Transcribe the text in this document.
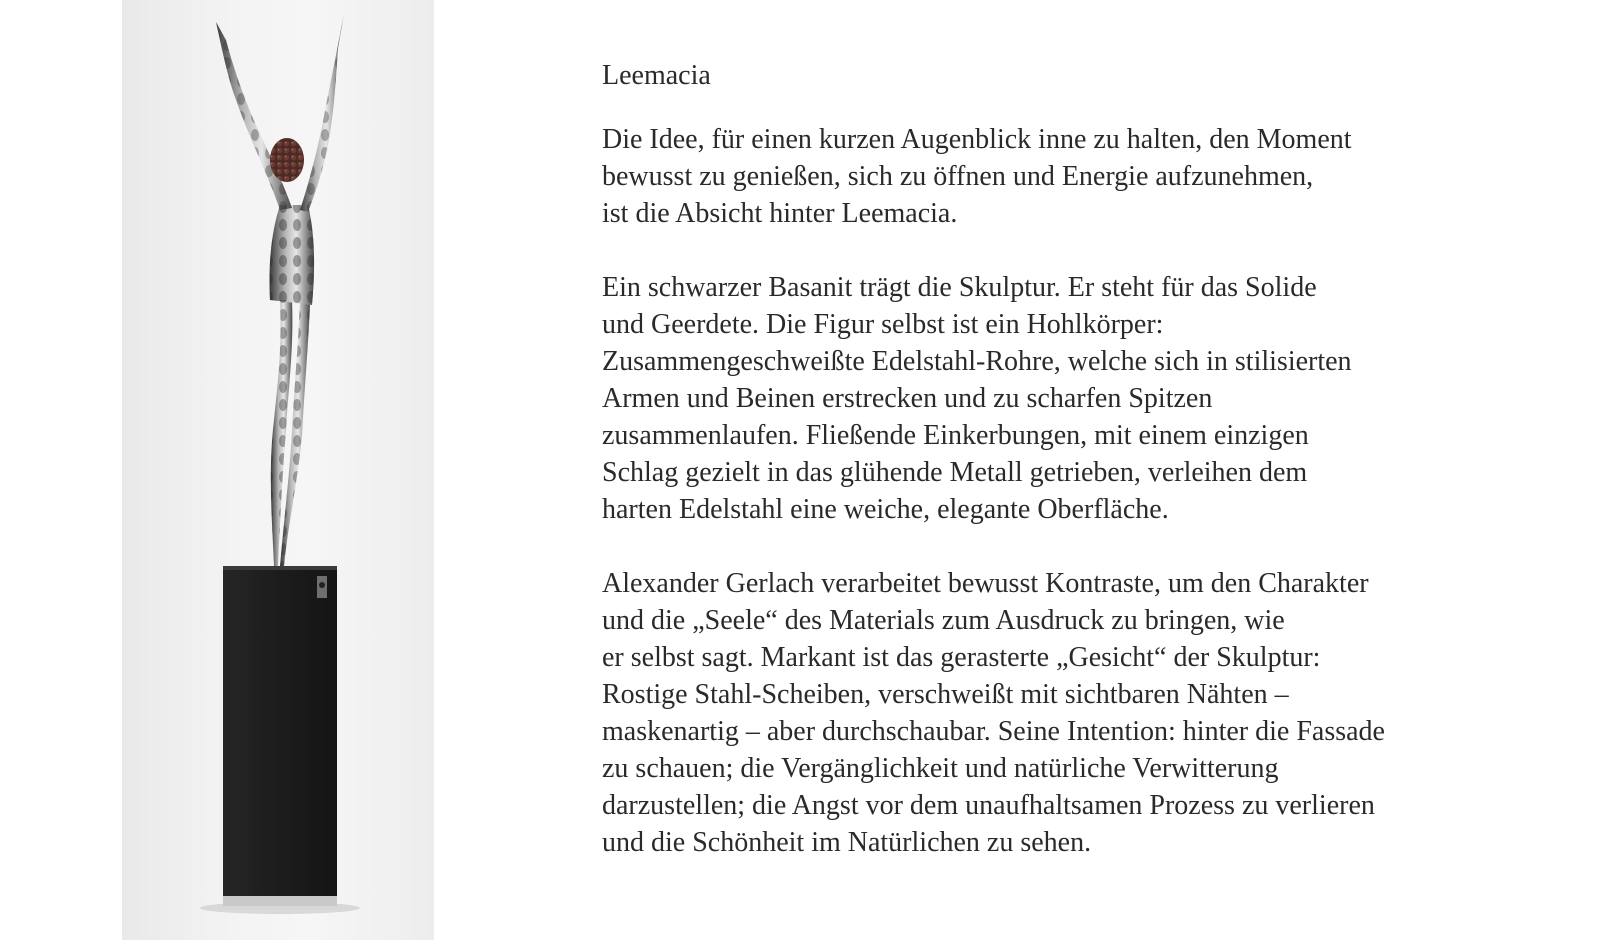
Leemacia
Die Idee, für einen kurzen Augenblick inne zu halten, den Moment
bewusst zu genießen, sich zu öffnen und Energie aufzunehmen,
ist die Absicht hinter Leemacia.
Ein schwarzer Basanit trägt die Skulptur. Er steht für das Solide
und Geerdete. Die Figur selbst ist ein Hohlkörper:
Zusammengeschweißte Edelstahl-Rohre, welche sich in stilisierten
Armen und Beinen erstrecken und zu scharfen Spitzen
zusammenlaufen. Fließende Einkerbungen, mit einem einzigen
Schlag gezielt in das glühende Metall getrieben, verleihen dem
harten Edelstahl eine weiche, elegante Oberfläche.
Alexander Gerlach verarbeitet bewusst Kontraste, um den Charakter
und die „Seele“ des Materials zum Ausdruck zu bringen, wie
er selbst sagt. Markant ist das gerasterte „Gesicht“ der Skulptur:
Rostige Stahl-Scheiben, verschweißt mit sichtbaren Nähten –
maskenartig – aber durchschaubar. Seine Intention: hinter die Fassade
zu schauen; die Vergänglichkeit und natürliche Verwitterung
darzustellen; die Angst vor dem unaufhaltsamen Prozess zu verlieren
und die Schönheit im Natürlichen zu sehen.
